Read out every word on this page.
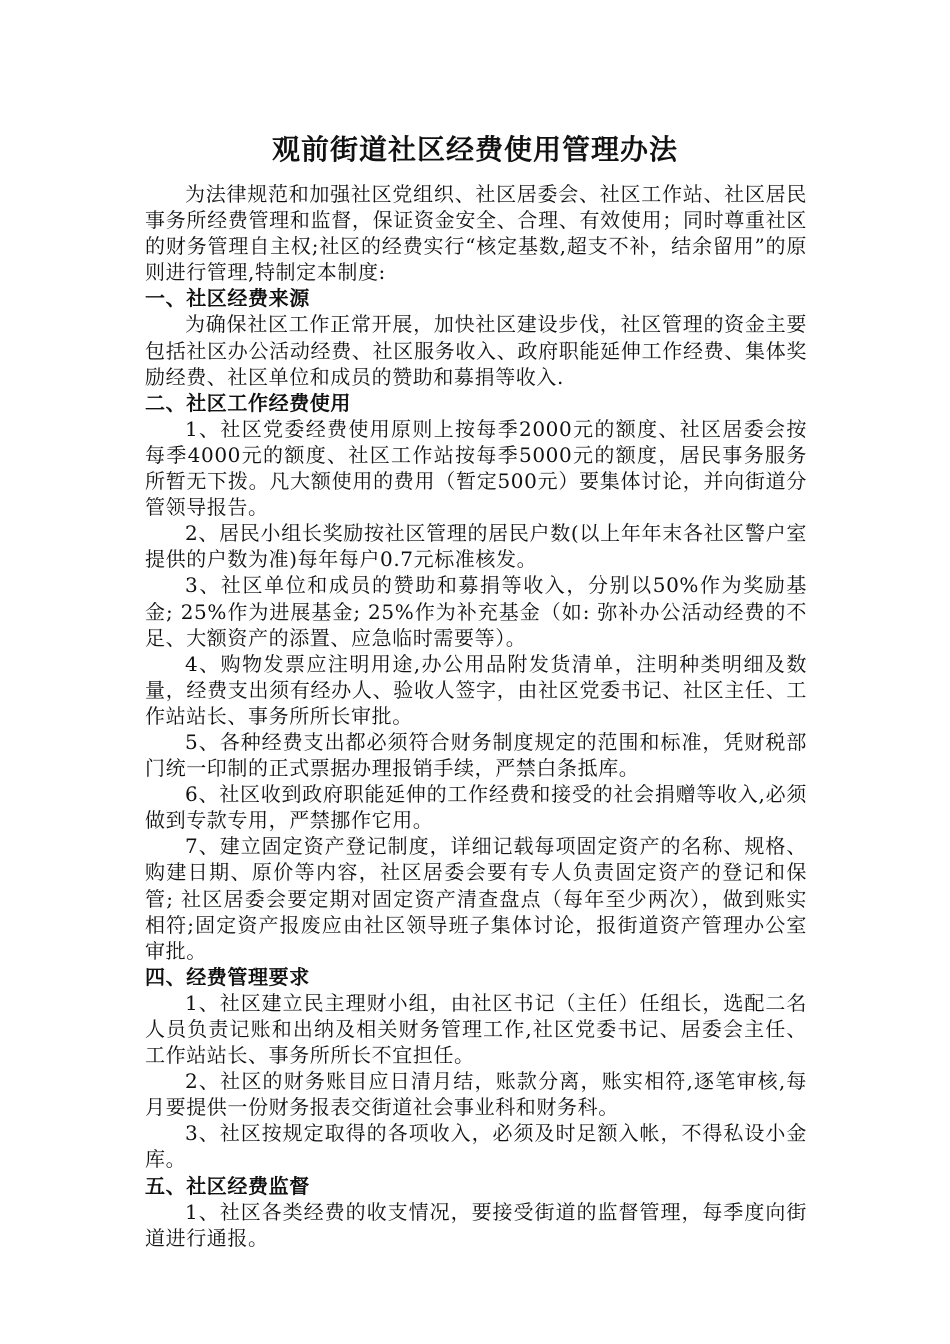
观前街道社区经费使用管理办法

为法律规范和加强社区党组织、社区居委会、社区工作站、社区居民事务所经费管理和监督，保证资金安全、合理、有效使用；同时尊重社区的财务管理自主权;社区的经费实行“核定基数,超支不补，结余留用”的原则进行管理,特制定本制度:

一、社区经费来源

为确保社区工作正常开展，加快社区建设步伐，社区管理的资金主要包括社区办公活动经费、社区服务收入、政府职能延伸工作经费、集体奖励经费、社区单位和成员的赞助和募捐等收入.

二、社区工作经费使用

1、社区党委经费使用原则上按每季2000元的额度、社区居委会按每季4000元的额度、社区工作站按每季5000元的额度，居民事务服务所暂无下拨。凡大额使用的费用（暂定500元）要集体讨论，并向街道分管领导报告。

2、居民小组长奖励按社区管理的居民户数(以上年年末各社区警户室提供的户数为准)每年每户0.7元标准核发。

3、社区单位和成员的赞助和募捐等收入，分别以50%作为奖励基金; 25%作为进展基金; 25%作为补充基金（如: 弥补办公活动经费的不足、大额资产的添置、应急临时需要等）。

4、购物发票应注明用途,办公用品附发货清单，注明种类明细及数量，经费支出须有经办人、验收人签字，由社区党委书记、社区主任、工作站站长、事务所所长审批。

5、各种经费支出都必须符合财务制度规定的范围和标准，凭财税部门统一印制的正式票据办理报销手续，严禁白条抵库。

6、社区收到政府职能延伸的工作经费和接受的社会捐赠等收入,必须做到专款专用，严禁挪作它用。

7、建立固定资产登记制度，详细记载每项固定资产的名称、规格、购建日期、原价等内容，社区居委会要有专人负责固定资产的登记和保管; 社区居委会要定期对固定资产清查盘点（每年至少两次），做到账实相符;固定资产报废应由社区领导班子集体讨论，报街道资产管理办公室审批。

四、经费管理要求

1、社区建立民主理财小组，由社区书记（主任）任组长，选配二名人员负责记账和出纳及相关财务管理工作,社区党委书记、居委会主任、工作站站长、事务所所长不宜担任。

2、社区的财务账目应日清月结，账款分离，账实相符,逐笔审核,每月要提供一份财务报表交街道社会事业科和财务科。

3、社区按规定取得的各项收入，必须及时足额入帐，不得私设小金库。

五、社区经费监督

1、社区各类经费的收支情况，要接受街道的监督管理，每季度向街道进行通报。
